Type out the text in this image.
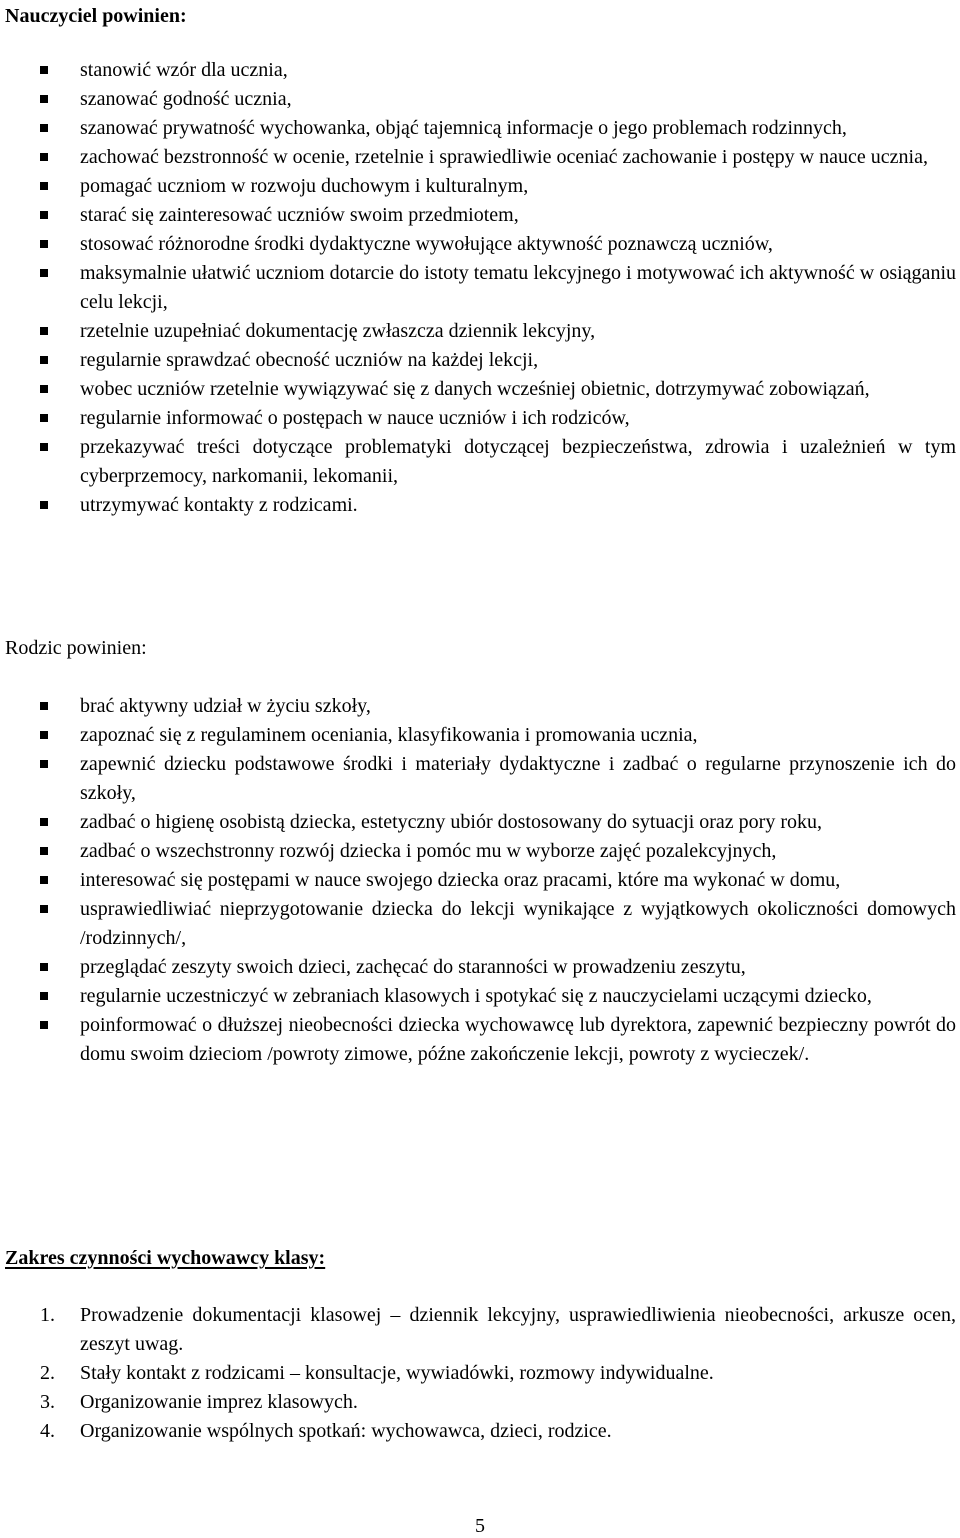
Nauczyciel powinien:
stanowić wzór dla ucznia,
szanować godność ucznia,
szanować prywatność wychowanka, objąć tajemnicą informacje o jego problemach rodzinnych,
zachować bezstronność w ocenie, rzetelnie i sprawiedliwie oceniać zachowanie i postępy w nauce ucznia,
pomagać uczniom w rozwoju duchowym i kulturalnym,
starać się zainteresować uczniów swoim przedmiotem,
stosować różnorodne środki dydaktyczne wywołujące aktywność poznawczą uczniów,
maksymalnie ułatwić uczniom dotarcie do istoty tematu lekcyjnego i motywować ich aktywność w osiąganiu celu lekcji,
rzetelnie uzupełniać dokumentację zwłaszcza dziennik lekcyjny,
regularnie sprawdzać obecność uczniów na każdej lekcji,
wobec uczniów rzetelnie wywiązywać się z danych wcześniej obietnic, dotrzymywać zobowiązań,
regularnie informować o postępach w nauce uczniów i ich rodziców,
przekazywać treści dotyczące problematyki dotyczącej bezpieczeństwa, zdrowia i uzależnień w tym cyberprzemocy, narkomanii, lekomanii,
utrzymywać kontakty z rodzicami.
Rodzic powinien:
brać aktywny udział w życiu szkoły,
zapoznać się z regulaminem oceniania, klasyfikowania i promowania ucznia,
zapewnić dziecku podstawowe środki i materiały dydaktyczne i zadbać o regularne przynoszenie ich do szkoły,
zadbać o higienę osobistą dziecka, estetyczny ubiór dostosowany do sytuacji oraz pory roku,
zadbać o wszechstronny rozwój dziecka i pomóc mu w wyborze zajęć pozalekcyjnych,
interesować się postępami w nauce swojego dziecka oraz pracami, które ma wykonać w domu,
usprawiedliwiać nieprzygotowanie dziecka do lekcji wynikające z wyjątkowych okoliczności domowych /rodzinnych/,
przeglądać zeszyty swoich dzieci, zachęcać do staranności w prowadzeniu zeszytu,
regularnie uczestniczyć w zebraniach klasowych i spotykać się z nauczycielami uczącymi dziecko,
poinformować o dłuższej nieobecności dziecka wychowawcę lub dyrektora, zapewnić bezpieczny powrót do domu swoim dzieciom /powroty zimowe, późne zakończenie lekcji, powroty z wycieczek/.
Zakres czynności wychowawcy klasy:
1. Prowadzenie dokumentacji klasowej – dziennik lekcyjny, usprawiedliwienia nieobecności, arkusze ocen, zeszyt uwag.
2. Stały kontakt z rodzicami – konsultacje, wywiadówki, rozmowy indywidualne.
3. Organizowanie imprez klasowych.
4. Organizowanie wspólnych spotkań: wychowawca, dzieci, rodzice.
5
